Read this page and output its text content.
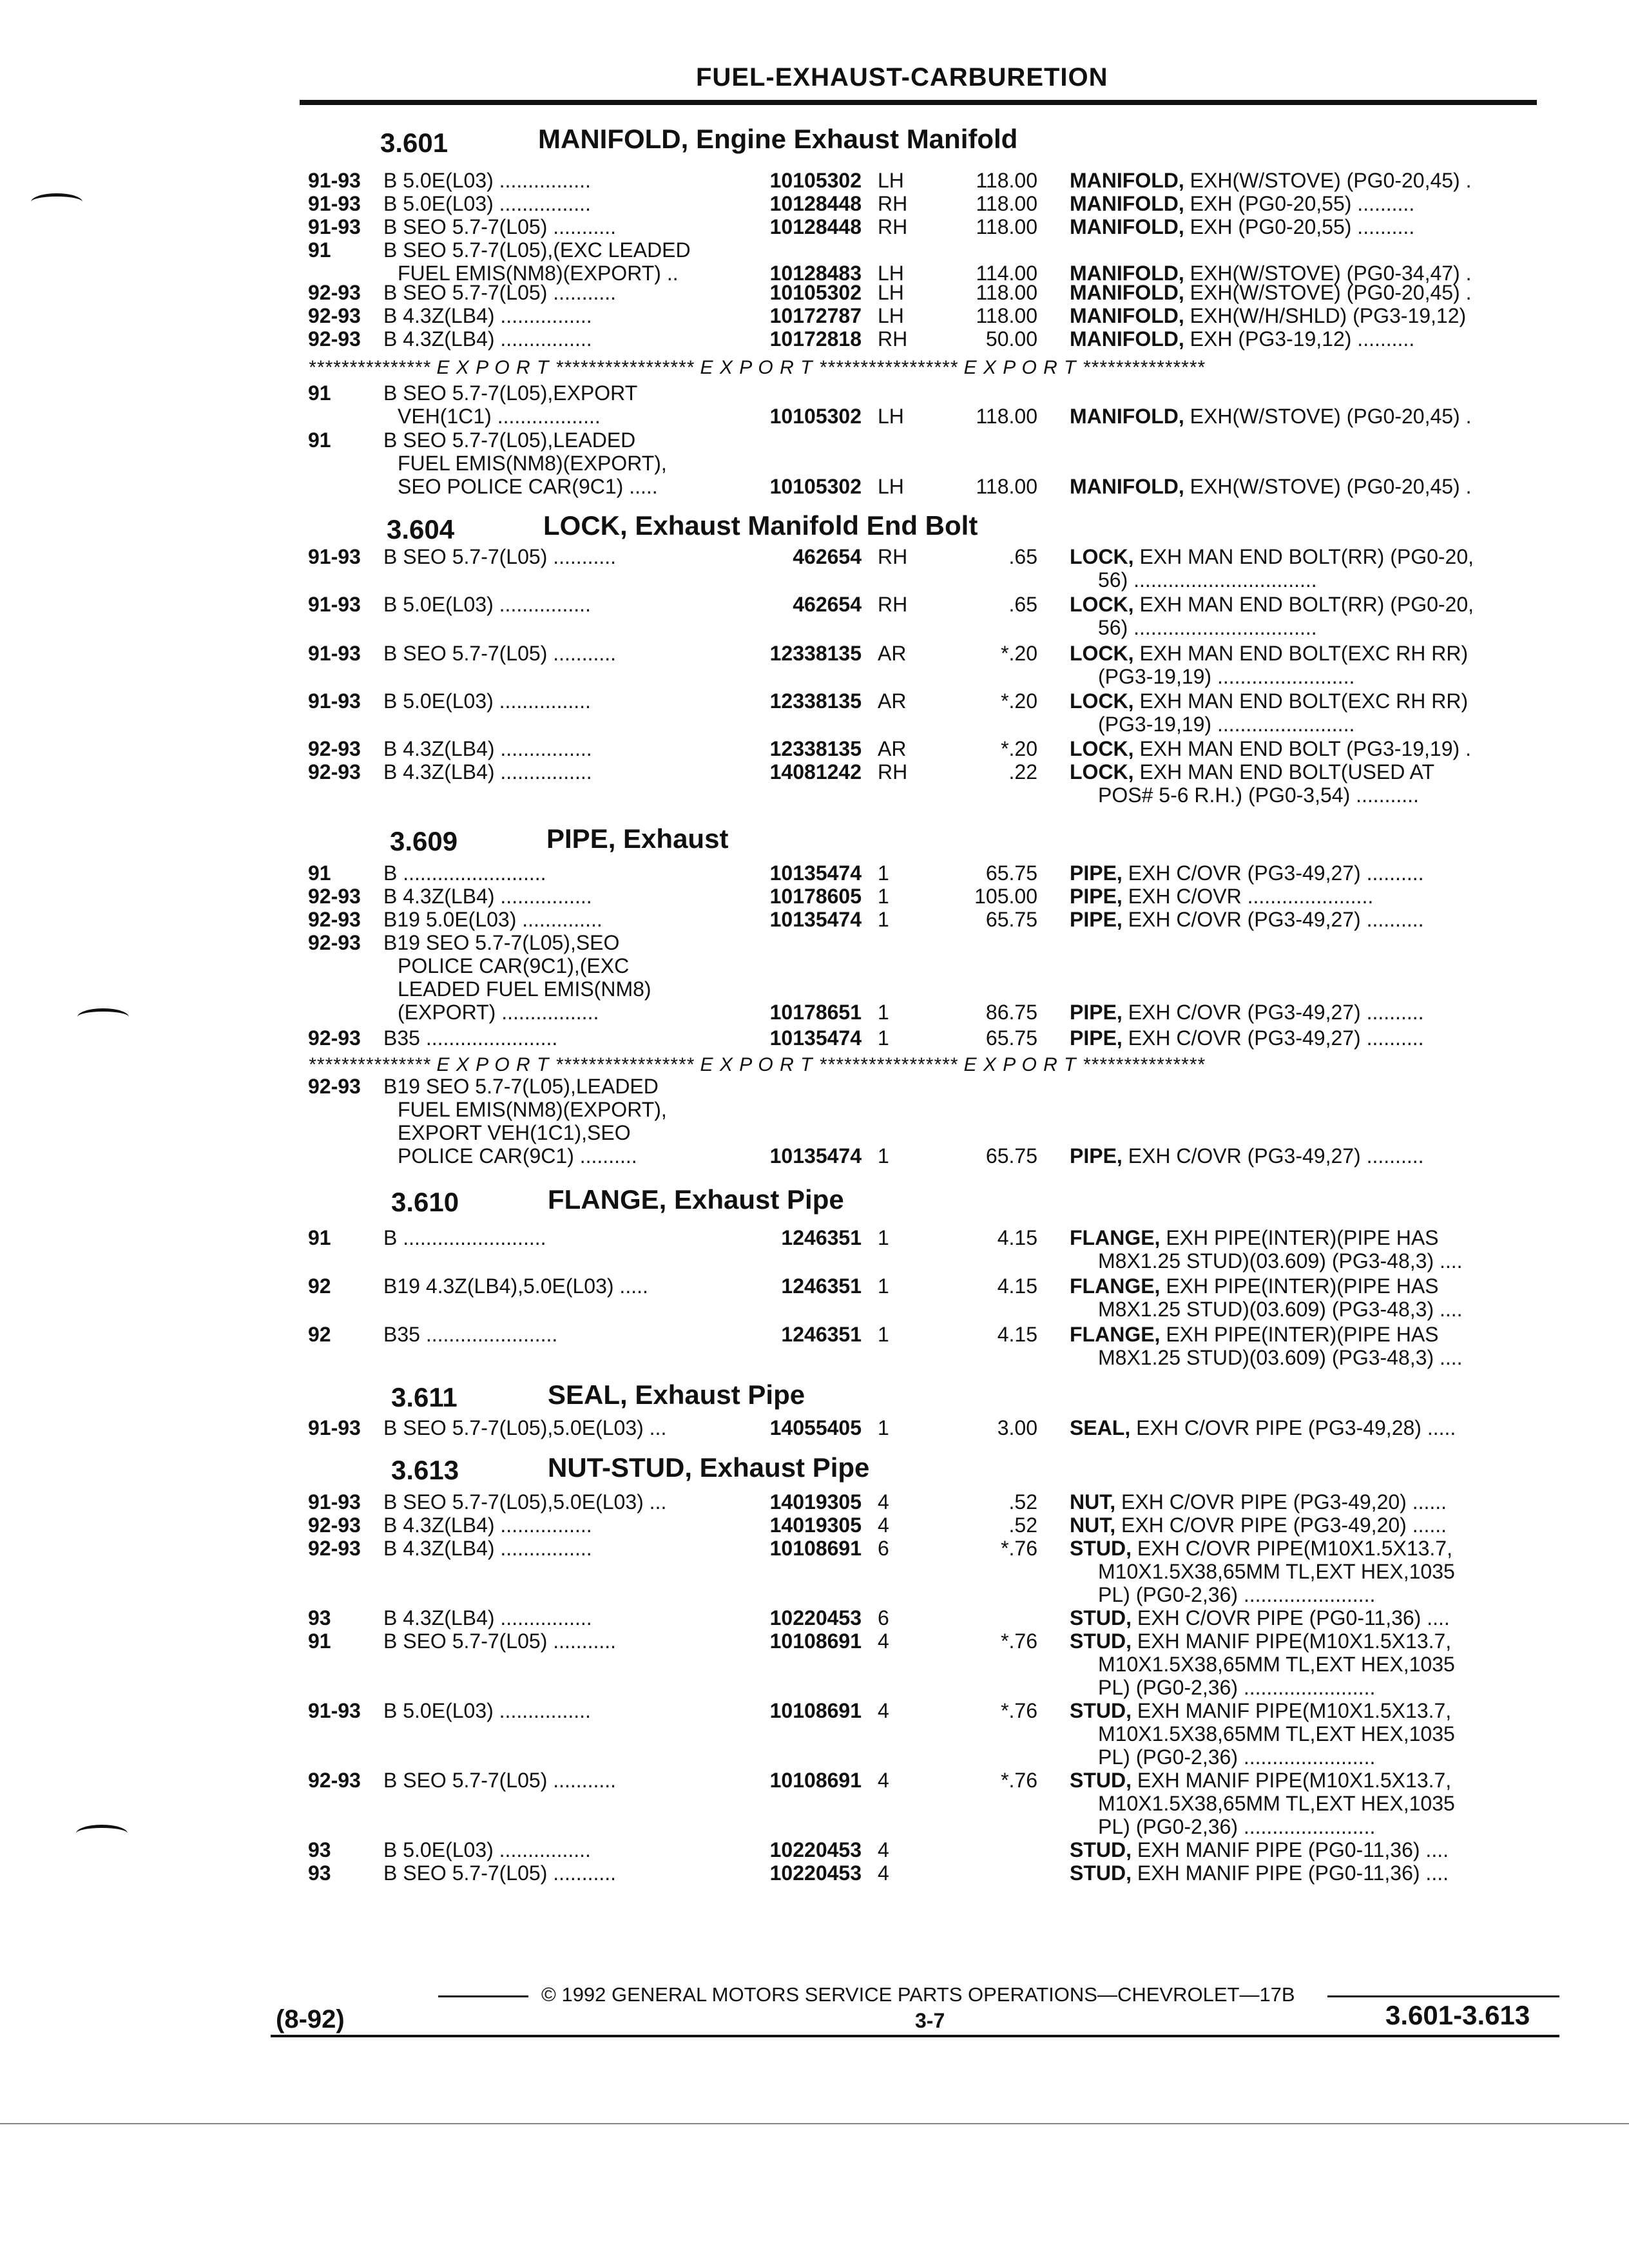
FUEL-EXHAUST-CARBURETION
3.601	MANIFOLD, Engine Exhaust Manifold
3.604	LOCK, Exhaust Manifold End Bolt
3.609	PIPE, Exhaust
3.610	FLANGE, Exhaust Pipe
3.611	SEAL, Exhaust Pipe
3.613	NUT-STUD, Exhaust Pipe
*************** E X P O R T ***************** E X P O R T ***************** E X P O R T ***************
*************** E X P O R T ***************** E X P O R T ***************** E X P O R T ***************
91-93 B 5.0E(L03) ................	10105302 LH	118.00 MANIFOLD, EXH(W/STOVE) (PG0-20,45) .
91-93 B 5.0E(L03) ................	10128448 RH	118.00 MANIFOLD, EXH (PG0-20,55) ..........
91-93 B SEO 5.7-7(L05) ...........	10128448 RH	118.00 MANIFOLD, EXH (PG0-20,55) ..........
91	B SEO 5.7-7(L05),(EXC LEADED
FUEL EMIS(NM8)(EXPORT) ..	10128483 LH	114.00 MANIFOLD, EXH(W/STOVE) (PG0-34,47) .
92-93 B SEO 5.7-7(L05) ...........	10105302 LH	118.00 MANIFOLD, EXH(W/STOVE) (PG0-20,45) .
92-93 B 4.3Z(LB4) ................	10172787 LH	118.00 MANIFOLD, EXH(W/H/SHLD) (PG3-19,12)
92-93 B 4.3Z(LB4) ................	10172818 RH	50.00 MANIFOLD, EXH (PG3-19,12) ..........
91	B SEO 5.7-7(L05),EXPORT
VEH(1C1) ..................	10105302 LH	118.00 MANIFOLD, EXH(W/STOVE) (PG0-20,45) .
91	B SEO 5.7-7(L05),LEADED
FUEL EMIS(NM8)(EXPORT),
SEO POLICE CAR(9C1) .....	10105302 LH	118.00 MANIFOLD, EXH(W/STOVE) (PG0-20,45) .
91-93 B SEO 5.7-7(L05) ...........	462654 RH	.65 LOCK, EXH MAN END BOLT(RR) (PG0-20,
56) ................................
91-93 B 5.0E(L03) ................	462654 RH	.65 LOCK, EXH MAN END BOLT(RR) (PG0-20,
56) ................................
91-93 B SEO 5.7-7(L05) ...........	12338135 AR	*.20 LOCK, EXH MAN END BOLT(EXC RH RR)
(PG3-19,19) ........................
91-93 B 5.0E(L03) ................	12338135 AR	*.20 LOCK, EXH MAN END BOLT(EXC RH RR)
(PG3-19,19) ........................
92-93 B 4.3Z(LB4) ................	12338135 AR	*.20 LOCK, EXH MAN END BOLT (PG3-19,19) .
92-93 B 4.3Z(LB4) ................	14081242 RH	.22 LOCK, EXH MAN END BOLT(USED AT
POS# 5-6 R.H.) (PG0-3,54) ...........
91	B .........................	10135474 1	65.75 PIPE, EXH C/OVR (PG3-49,27) ..........
92-93 B 4.3Z(LB4) ................	10178605 1	105.00 PIPE, EXH C/OVR ......................
92-93 B19 5.0E(L03) ..............	10135474 1	65.75 PIPE, EXH C/OVR (PG3-49,27) ..........
92-93 B19 SEO 5.7-7(L05),SEO
POLICE CAR(9C1),(EXC
LEADED FUEL EMIS(NM8)
(EXPORT) .................	10178651 1	86.75 PIPE, EXH C/OVR (PG3-49,27) ..........
92-93 B35 .......................	10135474 1	65.75 PIPE, EXH C/OVR (PG3-49,27) ..........
92-93 B19 SEO 5.7-7(L05),LEADED
FUEL EMIS(NM8)(EXPORT),
EXPORT VEH(1C1),SEO
POLICE CAR(9C1) ..........	10135474 1	65.75 PIPE, EXH C/OVR (PG3-49,27) ..........
91	B .........................	1246351 1	4.15 FLANGE, EXH PIPE(INTER)(PIPE HAS
M8X1.25 STUD)(03.609) (PG3-48,3) ....
92	B19 4.3Z(LB4),5.0E(L03) .....	1246351 1	4.15 FLANGE, EXH PIPE(INTER)(PIPE HAS
M8X1.25 STUD)(03.609) (PG3-48,3) ....
92	B35 .......................	1246351 1	4.15 FLANGE, EXH PIPE(INTER)(PIPE HAS
M8X1.25 STUD)(03.609) (PG3-48,3) ....
91-93 B SEO 5.7-7(L05),5.0E(L03) ...	14055405 1	3.00 SEAL, EXH C/OVR PIPE (PG3-49,28) .....
91-93 B SEO 5.7-7(L05),5.0E(L03) ...	14019305 4	.52 NUT, EXH C/OVR PIPE (PG3-49,20) ......
92-93 B 4.3Z(LB4) ................	14019305 4	.52 NUT, EXH C/OVR PIPE (PG3-49,20) ......
92-93 B 4.3Z(LB4) ................	10108691 6	*.76 STUD, EXH C/OVR PIPE(M10X1.5X13.7,
M10X1.5X38,65MM TL,EXT HEX,1035
PL) (PG0-2,36) .......................
93	B 4.3Z(LB4) ................	10220453 6	STUD, EXH C/OVR PIPE (PG0-11,36) ....
91	B SEO 5.7-7(L05) ...........	10108691 4	*.76 STUD, EXH MANIF PIPE(M10X1.5X13.7,
M10X1.5X38,65MM TL,EXT HEX,1035
PL) (PG0-2,36) .......................
91-93 B 5.0E(L03) ................	10108691 4	*.76 STUD, EXH MANIF PIPE(M10X1.5X13.7,
M10X1.5X38,65MM TL,EXT HEX,1035
PL) (PG0-2,36) .......................
92-93 B SEO 5.7-7(L05) ...........	10108691 4	*.76 STUD, EXH MANIF PIPE(M10X1.5X13.7,
M10X1.5X38,65MM TL,EXT HEX,1035
PL) (PG0-2,36) .......................
93	B 5.0E(L03) ................	10220453 4	STUD, EXH MANIF PIPE (PG0-11,36) ....
93	B SEO 5.7-7(L05) ...........	10220453 4	STUD, EXH MANIF PIPE (PG0-11,36) ....
© 1992 GENERAL MOTORS SERVICE PARTS OPERATIONS—CHEVROLET—17B
(8-92)	3-7	3.601-3.613
